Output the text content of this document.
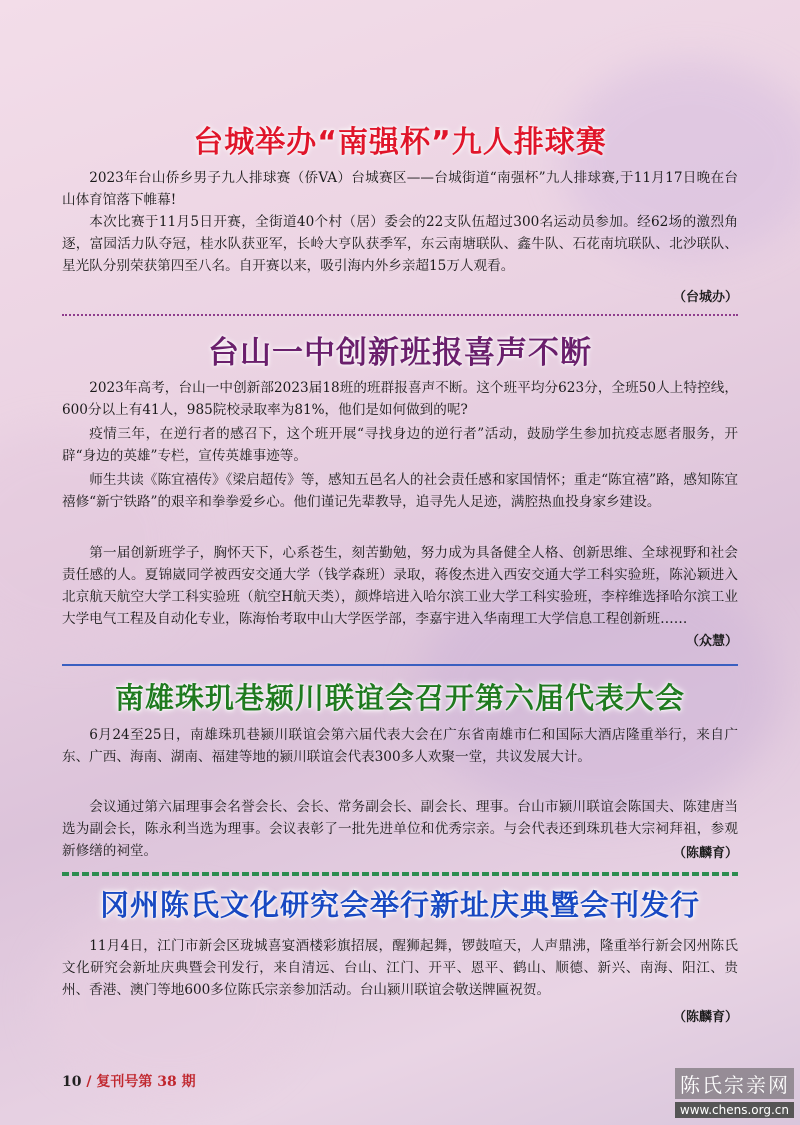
台城举办“南强杯”九人排球赛

2023年台山侨乡男子九人排球赛（侨VA）台城赛区——台城街道“南强杯”九人排球赛,于11月17日晚在台山体育馆落下帷幕!

本次比赛于11月5日开赛，全街道40个村（居）委会的22支队伍超过300名运动员参加。经62场的激烈角逐，富园活力队夺冠，桂水队获亚军，长岭大亨队获季军，东云南塘联队、鑫牛队、石花南坑联队、北沙联队、星光队分别荣获第四至八名。自开赛以来，吸引海内外乡亲超15万人观看。

（台城办）

台山一中创新班报喜声不断

2023年高考，台山一中创新部2023届18班的班群报喜声不断。这个班平均分623分，全班50人上特控线，600分以上有41人，985院校录取率为81%，他们是如何做到的呢?

疫情三年，在逆行者的感召下，这个班开展“寻找身边的逆行者”活动，鼓励学生参加抗疫志愿者服务，开辟“身边的英雄”专栏，宣传英雄事迹等。

师生共读《陈宜禧传》《梁启超传》等，感知五邑名人的社会责任感和家国情怀；重走“陈宜禧”路，感知陈宜禧修“新宁铁路”的艰辛和拳拳爱乡心。他们谨记先辈教导，追寻先人足迹，满腔热血投身家乡建设。

第一届创新班学子，胸怀天下，心系苍生，刻苦勤勉，努力成为具备健全人格、创新思维、全球视野和社会责任感的人。夏锦崴同学被西安交通大学（钱学森班）录取，蒋俊杰进入西安交通大学工科实验班，陈沁颖进入北京航天航空大学工科实验班（航空H航天类），颜烨培进入哈尔滨工业大学工科实验班，李梓维选择哈尔滨工业大学电气工程及自动化专业，陈海怡考取中山大学医学部，李嘉宇进入华南理工大学信息工程创新班……

（众慧）

南雄珠玑巷颍川联谊会召开第六届代表大会

6月24至25日，南雄珠玑巷颍川联谊会第六届代表大会在广东省南雄市仁和国际大酒店隆重举行，来自广东、广西、海南、湖南、福建等地的颍川联谊会代表300多人欢聚一堂，共议发展大计。

会议通过第六届理事会名誉会长、会长、常务副会长、副会长、理事。台山市颍川联谊会陈国夫、陈建唐当选为副会长，陈永利当选为理事。会议表彰了一批先进单位和优秀宗亲。与会代表还到珠玑巷大宗祠拜祖，参观新修缮的祠堂。	（陈麟育）

冈州陈氏文化研究会举行新址庆典暨会刊发行

11月4日，江门市新会区珑城喜宴酒楼彩旗招展，醒狮起舞，锣鼓喧天，人声鼎沸，隆重举行新会冈州陈氏文化研究会新址庆典暨会刊发行，来自清远、台山、江门、开平、恩平、鹤山、顺德、新兴、南海、阳江、贵州、香港、澳门等地600多位陈氏宗亲参加活动。台山颍川联谊会敬送牌匾祝贺。

（陈麟育）

10 / 复刊号第 38 期	陈氏宗亲网
www.chens.org.cn
